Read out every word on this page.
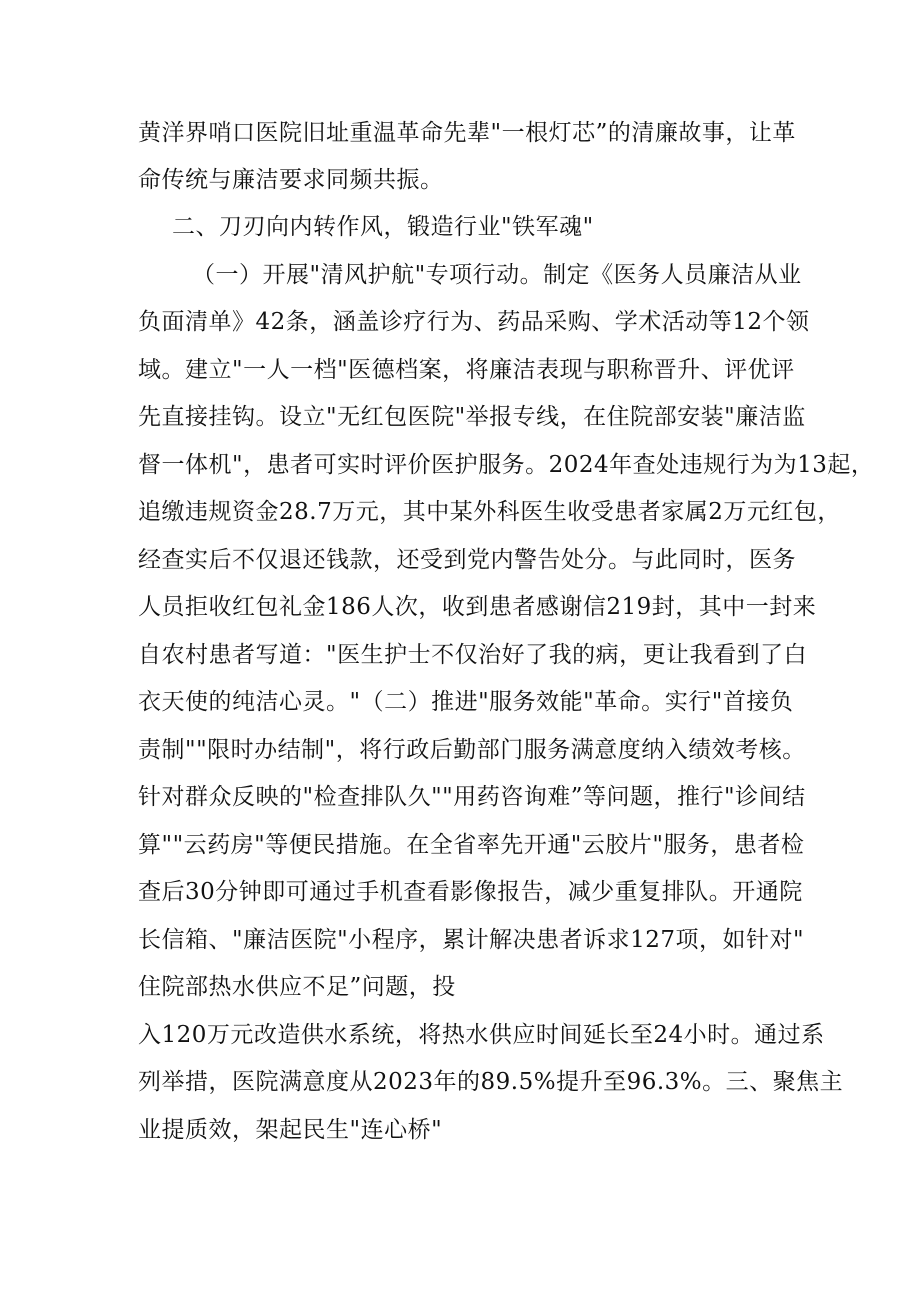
黄洋界哨口医院旧址重温革命先辈"一根灯芯”的清廉故事，让革
命传统与廉洁要求同频共振。
二、刀刃向内转作风，锻造行业"铁军魂"
（一）开展"清风护航"专项行动。制定《医务人员廉洁从业
负面清单》42条，涵盖诊疗行为、药品采购、学术活动等12个领
域。建立"一人一档"医德档案，将廉洁表现与职称晋升、评优评
先直接挂钩。设立"无红包医院"举报专线，在住院部安装"廉洁监
督一体机"，患者可实时评价医护服务。2024年查处违规行为为13起，
追缴违规资金28.7万元，其中某外科医生收受患者家属2万元红包，
经查实后不仅退还钱款，还受到党内警告处分。与此同时，医务
人员拒收红包礼金186人次，收到患者感谢信219封，其中一封来
自农村患者写道："医生护士不仅治好了我的病，更让我看到了白
衣天使的纯洁心灵。"（二）推进"服务效能"革命。实行"首接负
责制""限时办结制"，将行政后勤部门服务满意度纳入绩效考核。
针对群众反映的"检查排队久""用药咨询难”等问题，推行"诊间结
算""云药房"等便民措施。在全省率先开通"云胶片"服务，患者检
查后30分钟即可通过手机查看影像报告，减少重复排队。开通院
长信箱、"廉洁医院"小程序，累计解决患者诉求127项，如针对"
住院部热水供应不足”问题，投
入120万元改造供水系统，将热水供应时间延长至24小时。通过系
列举措，医院满意度从2023年的89.5%提升至96.3%。三、聚焦主
业提质效，架起民生"连心桥"
